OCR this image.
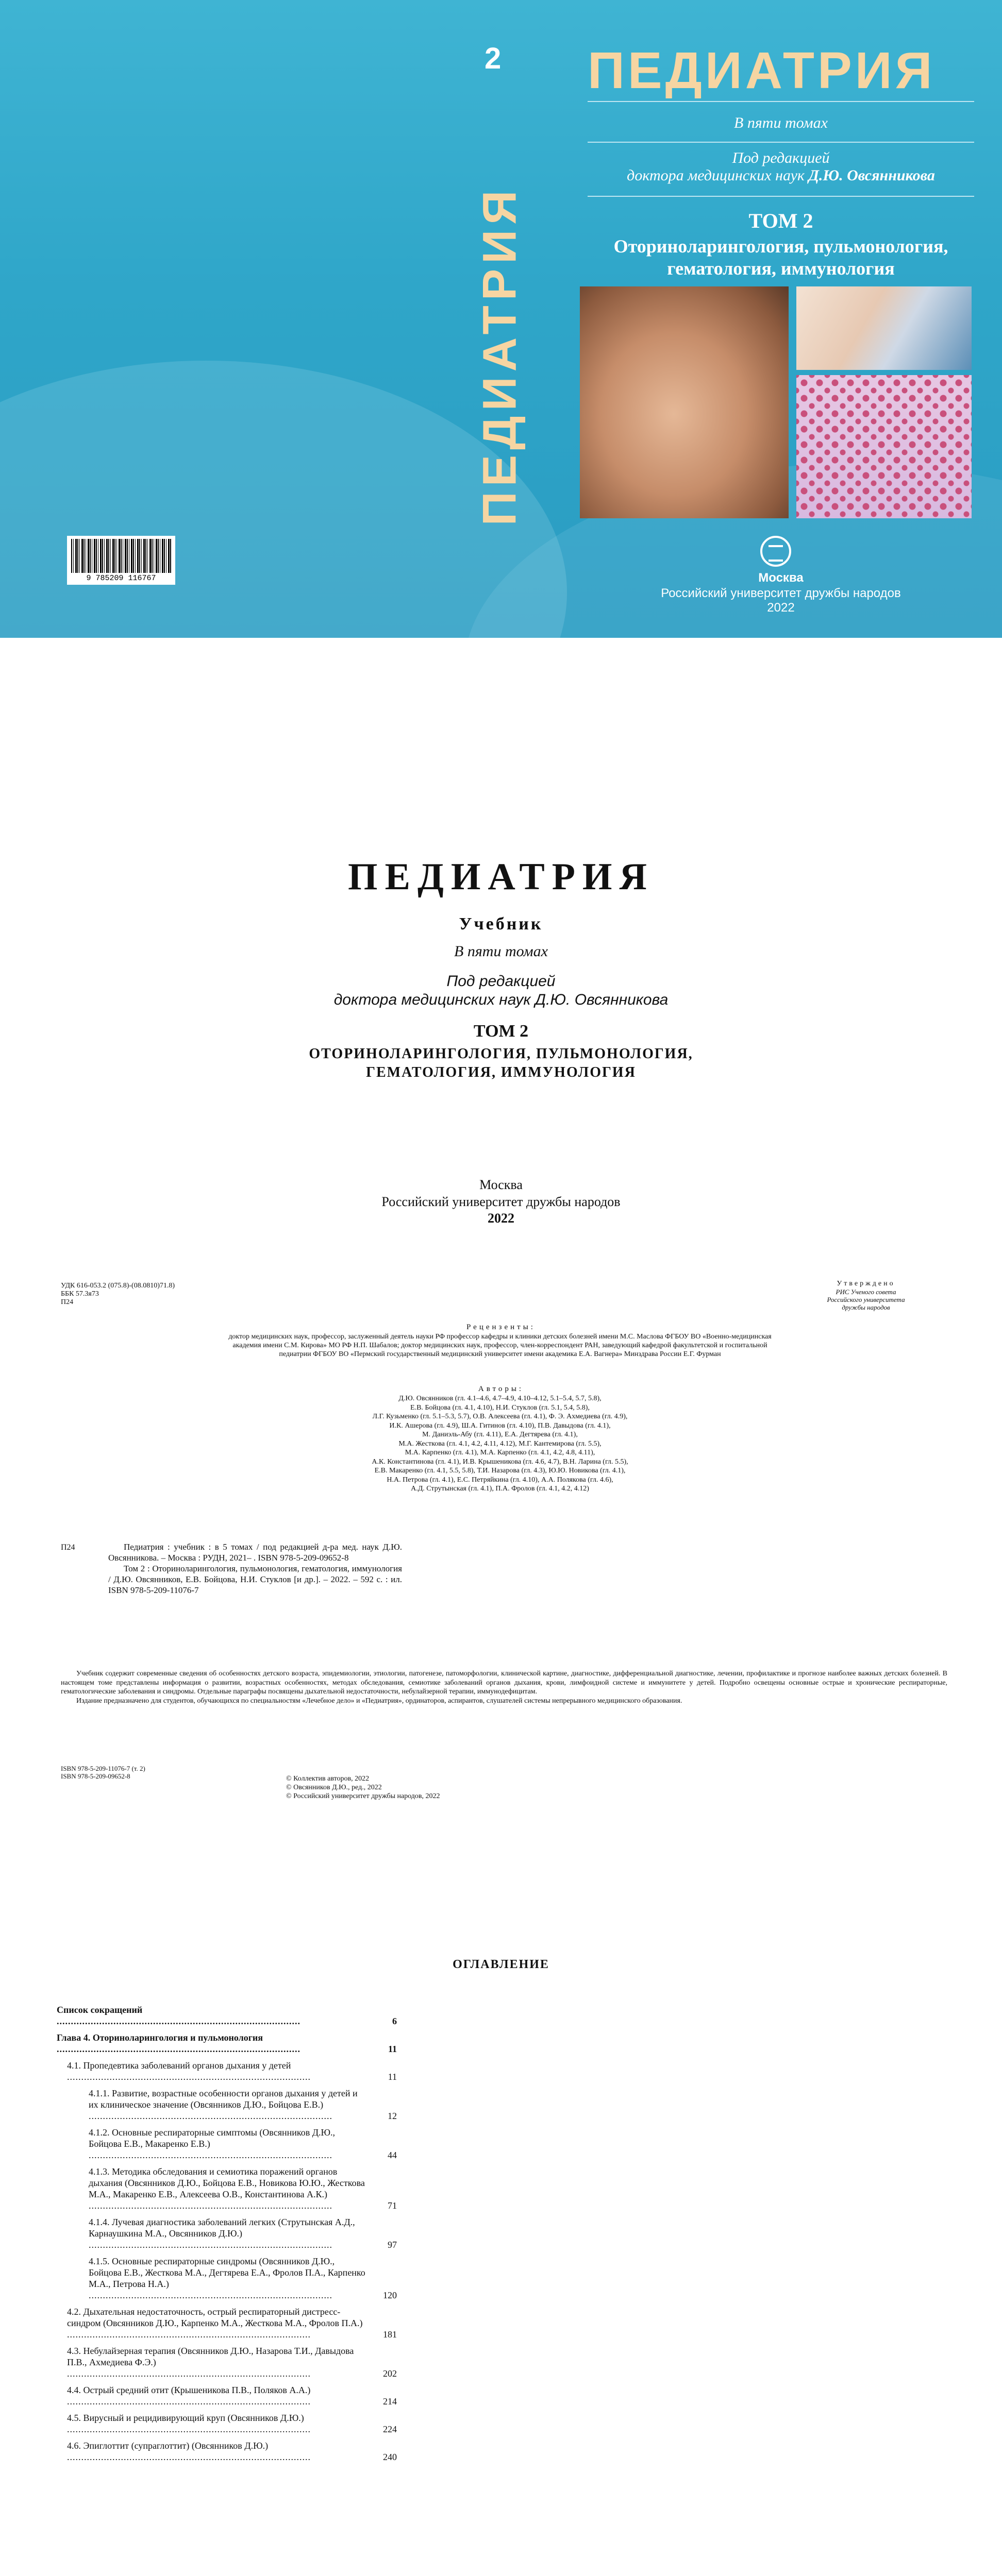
2
ПЕДИАТРИЯ
9 785209 116767
ПЕДИАТРИЯ
В пяти томах
Под редакцией
доктора медицинских наук Д.Ю. Овсянникова
ТОМ 2
Оториноларингология, пульмонология,
гематология, иммунология
Москва
Российский университет дружбы народов
2022
ПЕДИАТРИЯ
Учебник
В пяти томах
Под редакцией
доктора медицинских наук Д.Ю. Овсянникова
ТОМ 2
ОТОРИНОЛАРИНГОЛОГИЯ, ПУЛЬМОНОЛОГИЯ,
ГЕМАТОЛОГИЯ, ИММУНОЛОГИЯ
Москва
Российский университет дружбы народов
2022
УДК 616-053.2 (075.8)-(08.0810)71.8)
ББК 57.3я73
П24
Утверждено
РИС Ученого совета
Российского университета
дружбы народов
Рецензенты:
доктор медицинских наук, профессор, заслуженный деятель науки РФ профессор кафедры и клиники детских болезней имени М.С. Маслова ФГБОУ ВО «Военно-медицинская академия имени С.М. Кирова» МО РФ Н.П. Шабалов; доктор медицинских наук, профессор, член-корреспондент РАН, заведующий кафедрой факультетской и госпитальной педиатрии ФГБОУ ВО «Пермский государственный медицинский университет имени академика Е.А. Вагнера» Минздрава России Е.Г. Фурман
Авторы:
Д.Ю. Овсянников (гл. 4.1–4.6, 4.7–4.9, 4.10–4.12, 5.1–5.4, 5.7, 5.8),
Е.В. Бойцова (гл. 4.1, 4.10), Н.И. Стуклов (гл. 5.1, 5.4, 5.8),
Л.Г. Кузьменко (гл. 5.1–5.3, 5.7), О.В. Алексеева (гл. 4.1), Ф. Э. Ахмедиева (гл. 4.9),
И.К. Ашерова (гл. 4.9), Ш.А. Гитинов (гл. 4.10), П.В. Давыдова (гл. 4.1),
М. Даниэль-Абу (гл. 4.11), Е.А. Дегтярева (гл. 4.1),
М.А. Жесткова (гл. 4.1, 4.2, 4.11, 4.12), М.Г. Кантемирова (гл. 5.5),
М.А. Карпенко (гл. 4.1), М.А. Карпенко (гл. 4.1, 4.2, 4.8, 4.11),
А.К. Константинова (гл. 4.1), И.В. Крышеникова (гл. 4.6, 4.7), В.Н. Ларина (гл. 5.5),
Е.В. Макаренко (гл. 4.1, 5.5, 5.8), Т.И. Назарова (гл. 4.3), Ю.Ю. Новикова (гл. 4.1),
Н.А. Петрова (гл. 4.1), Е.С. Петряйкина (гл. 4.10), А.А. Полякова (гл. 4.6),
А.Д. Струтынская (гл. 4.1), П.А. Фролов (гл. 4.1, 4.2, 4.12)
П24	Педиатрия : учебник : в 5 томах / под редакцией д-ра мед. наук Д.Ю. Овсянникова. – Москва : РУДН, 2021– . ISBN 978-5-209-09652-8

Том 2 : Оториноларингология, пульмонология, гематология, иммунология / Д.Ю. Овсянников, Е.В. Бойцова, Н.И. Стуклов [и др.]. – 2022. – 592 с. : ил. ISBN 978-5-209-11076-7

Учебник содержит современные сведения об особенностях детского возраста, эпидемиологии, этиологии, патогенезе, патоморфологии, клинической картине, диагностике, дифференциальной диагностике, лечении, профилактике и прогнозе наиболее важных детских болезней. В настоящем томе представлены информация о развитии, возрастных особенностях, методах обследования, семиотике заболеваний органов дыхания, крови, лимфоидной системе и иммунитете у детей. Подробно освещены основные острые и хронические респираторные, гематологические заболевания и синдромы. Отдельные параграфы посвящены дыхательной недостаточности, небулайзерной терапии, иммунодефицитам.

Издание предназначено для студентов, обучающихся по специальностям «Лечебное дело» и «Педиатрия», ординаторов, аспирантов, слушателей системы непрерывного медицинского образования.

ISBN 978-5-209-11076-7 (т. 2)
ISBN 978-5-209-09652-8	© Коллектив авторов, 2022
© Овсянников Д.Ю., ред., 2022
© Российский университет дружбы народов, 2022
ОГЛАВЛЕНИЕ
Список сокращений .....
6
Глава 4. Оториноларингология и пульмонология .....
11
4.1. Пропедевтика заболеваний органов дыхания у детей .....
11
4.1.1. Развитие, возрастные особенности органов дыхания у детей и их клиническое значение (Овсянников Д.Ю., Бойцова Е.В.) .....
12
4.1.2. Основные респираторные симптомы (Овсянников Д.Ю., Бойцова Е.В., Макаренко Е.В.) .....
44
4.1.3. Методика обследования и семиотика поражений органов дыхания (Овсянников Д.Ю., Бойцова Е.В., Новикова Ю.Ю., Жесткова М.А., Макаренко Е.В., Алексеева О.В., Константинова А.К.) .....
71
4.1.4. Лучевая диагностика заболеваний легких (Струтынская А.Д., Карнаушкина М.А., Овсянников Д.Ю.) .....
97
4.1.5. Основные респираторные синдромы (Овсянников Д.Ю., Бойцова Е.В., Жесткова М.А., Дегтярева Е.А., Фролов П.А., Карпенко М.А., Петрова Н.А.) .....
120
4.2. Дыхательная недостаточность, острый респираторный дистресс-синдром (Овсянников Д.Ю., Карпенко М.А., Жесткова М.А., Фролов П.А.) .....
181
4.3. Небулайзерная терапия (Овсянников Д.Ю., Назарова Т.И., Давыдова П.В., Ахмедиева Ф.Э.) .....
202
4.4. Острый средний отит (Крышеникова П.В., Поляков А.А.) .....
214
4.5. Вирусный и рецидивирующий круп (Овсянников Д.Ю.) .....
224
4.6. Эпиглоттит (супраглоттит) (Овсянников Д.Ю.) .....
240
